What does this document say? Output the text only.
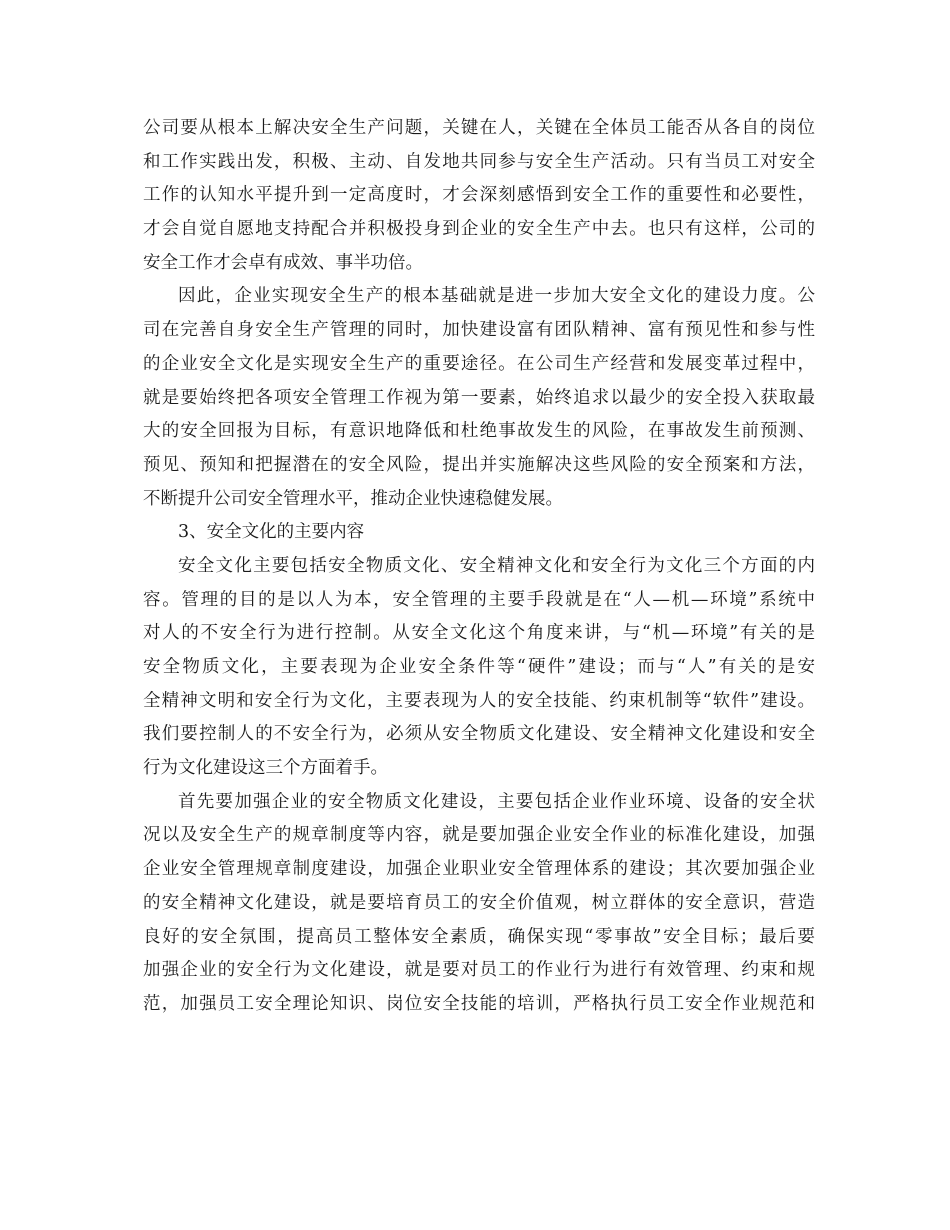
公司要从根本上解决安全生产问题，关键在人，关键在全体员工能否从各自的岗位
和工作实践出发，积极、主动、自发地共同参与安全生产活动。只有当员工对安全
工作的认知水平提升到一定高度时，才会深刻感悟到安全工作的重要性和必要性，
才会自觉自愿地支持配合并积极投身到企业的安全生产中去。也只有这样，公司的
安全工作才会卓有成效、事半功倍。
因此，企业实现安全生产的根本基础就是进一步加大安全文化的建设力度。公
司在完善自身安全生产管理的同时，加快建设富有团队精神、富有预见性和参与性
的企业安全文化是实现安全生产的重要途径。在公司生产经营和发展变革过程中，
就是要始终把各项安全管理工作视为第一要素，始终追求以最少的安全投入获取最
大的安全回报为目标，有意识地降低和杜绝事故发生的风险，在事故发生前预测、
预见、预知和把握潜在的安全风险，提出并实施解决这些风险的安全预案和方法，
不断提升公司安全管理水平，推动企业快速稳健发展。
3、安全文化的主要内容
安全文化主要包括安全物质文化、安全精神文化和安全行为文化三个方面的内
容。管理的目的是以人为本，安全管理的主要手段就是在“人—机—环境”系统中
对人的不安全行为进行控制。从安全文化这个角度来讲，与“机—环境”有关的是
安全物质文化，主要表现为企业安全条件等“硬件”建设；而与“人”有关的是安
全精神文明和安全行为文化，主要表现为人的安全技能、约束机制等“软件”建设。
我们要控制人的不安全行为，必须从安全物质文化建设、安全精神文化建设和安全
行为文化建设这三个方面着手。
首先要加强企业的安全物质文化建设，主要包括企业作业环境、设备的安全状
况以及安全生产的规章制度等内容，就是要加强企业安全作业的标准化建设，加强
企业安全管理规章制度建设，加强企业职业安全管理体系的建设；其次要加强企业
的安全精神文化建设，就是要培育员工的安全价值观，树立群体的安全意识，营造
良好的安全氛围，提高员工整体安全素质，确保实现“零事故”安全目标；最后要
加强企业的安全行为文化建设，就是要对员工的作业行为进行有效管理、约束和规
范，加强员工安全理论知识、岗位安全技能的培训，严格执行员工安全作业规范和
